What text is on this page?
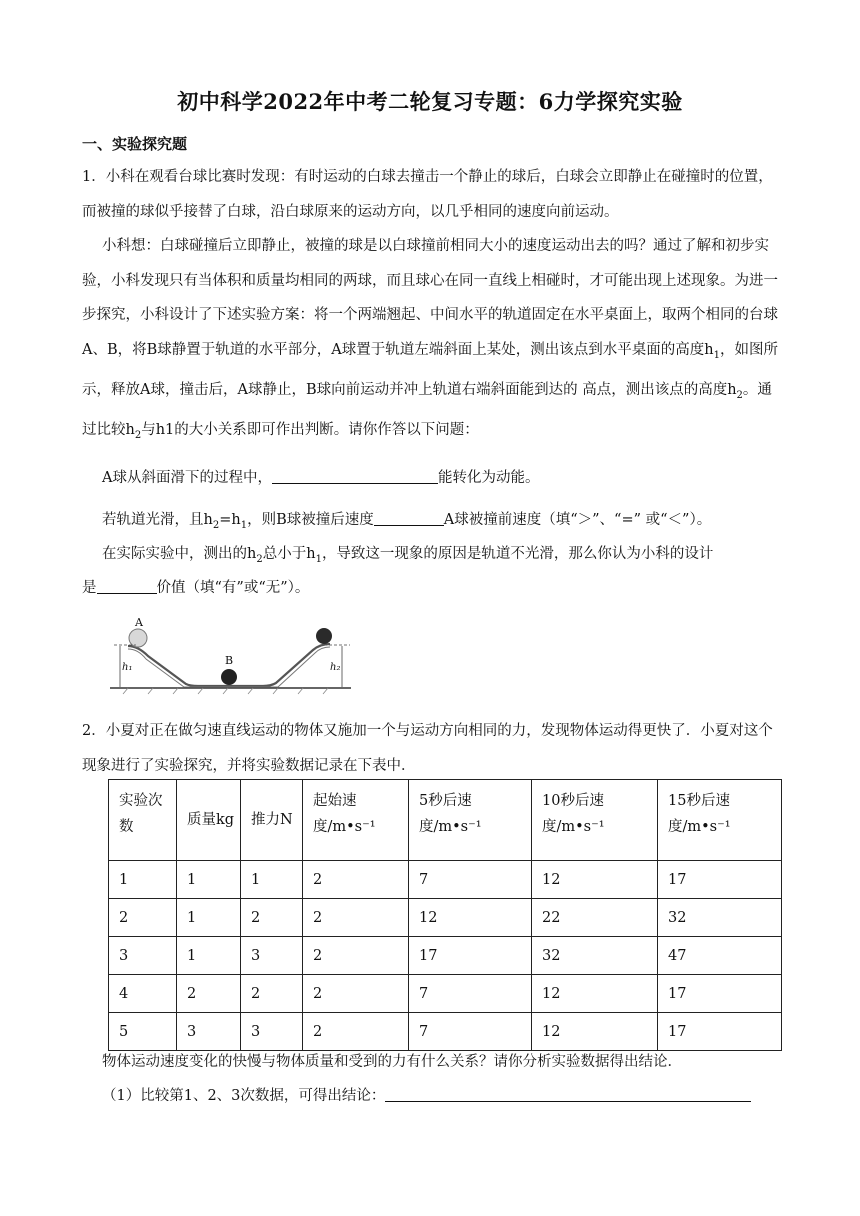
初中科学2022年中考二轮复习专题：6力学探究实验
一、实验探究题
1．小科在观看台球比赛时发现：有时运动的白球去撞击一个静止的球后，白球会立即静止在碰撞时的位置，而被撞的球似乎接替了白球，沿白球原来的运动方向，以几乎相同的速度向前运动。
小科想：白球碰撞后立即静止，被撞的球是以白球撞前相同大小的速度运动出去的吗？通过了解和初步实验，小科发现只有当体积和质量均相同的两球，而且球心在同一直线上相碰时，才可能出现上述现象。为进一步探究，小科设计了下述实验方案：将一个两端翘起、中间水平的轨道固定在水平桌面上，取两个相同的台球A、B，将B球静置于轨道的水平部分，A球置于轨道左端斜面上某处，测出该点到水平桌面的高度$h_1$，如图所示，释放A球，撞击后，A球静止，B球向前运动并冲上轨道右端斜面能到达的 高点，测出该点的高度$h_2$。通过比较$h_2$与h1的大小关系即可作出判断。请你作答以下问题：
A球从斜面滑下的过程中，	能转化为动能。
若轨道光滑，且$h_2=h_1$，则B球被撞后速度	A球被撞前速度（填“＞”、“=” 或“＜”）。
在实际实验中，测出的$h_2$总小于$h_1$，导致这一现象的原因是轨道不光滑，那么你认为小科的设计
是	价值（填“有”或“无”）。
A
B
h₁	h₂
2．小夏对正在做匀速直线运动的物体又施加一个与运动方向相同的力，发现物体运动得更快了．小夏对这个现象进行了实验探究，并将实验数据记录在下表中．
实验次数	质量kg	推力N	起始速度/m•s⁻¹	5秒后速度/m•s⁻¹	10秒后速度/m•s⁻¹	15秒后速度/m•s⁻¹
1	1	1	2	7	12	17
2	1	2	2	12	22	32
3	1	3	2	17	32	47
4	2	2	2	7	12	17
5	3	3	2	7	12	17
物体运动速度变化的快慢与物体质量和受到的力有什么关系？请你分析实验数据得出结论．
（1）比较第1、2、3次数据，可得出结论：
